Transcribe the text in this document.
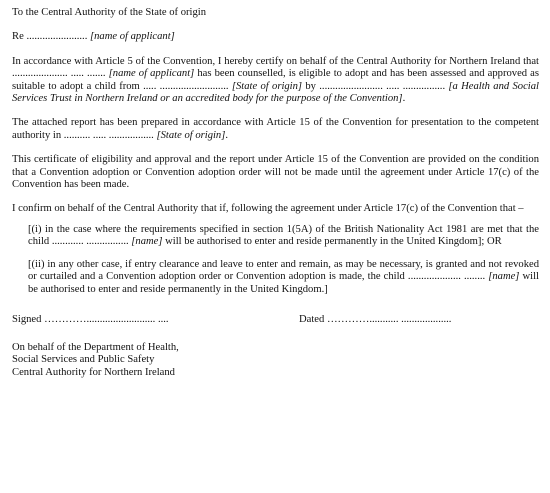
To the Central Authority of the State of origin

Re ....................... [name of applicant]

In accordance with Article 5 of the Convention, I hereby certify on behalf of the Central Authority for Northern Ireland that ..................... ..... ....... [name of applicant] has been counselled, is eligible to adopt and has been assessed and approved as suitable to adopt a child from ..... .......................... [State of origin] by ........................ ..... ................ [a Health and Social Services Trust in Northern Ireland or an accredited body for the purpose of the Convention].

The attached report has been prepared in accordance with Article 15 of the Convention for presentation to the competent authority in .......... ..... ................. [State of origin].

This certificate of eligibility and approval and the report under Article 15 of the Convention are provided on the condition that a Convention adoption or Convention adoption order will not be made until the agreement under Article 17(c) of the Convention has been made.

I confirm on behalf of the Central Authority that if, following the agreement under Article 17(c) of the Convention that –

[(i) in the case where the requirements specified in section 1(5A) of the British Nationality Act 1981 are met that the child ............ ................ [name] will be authorised to enter and reside permanently in the United Kingdom]; OR

[(ii) in any other case, if entry clearance and leave to enter and remain, as may be necessary, is granted and not revoked or curtailed and a Convention adoption order or Convention adoption is made, the child .................... ........ [name] will be authorised to enter and reside permanently in the United Kingdom.]

Signed ………….......................... ....	Dated …………........... ...................

On behalf of the Department of Health,

Social Services and Public Safety

Central Authority for Northern Ireland
